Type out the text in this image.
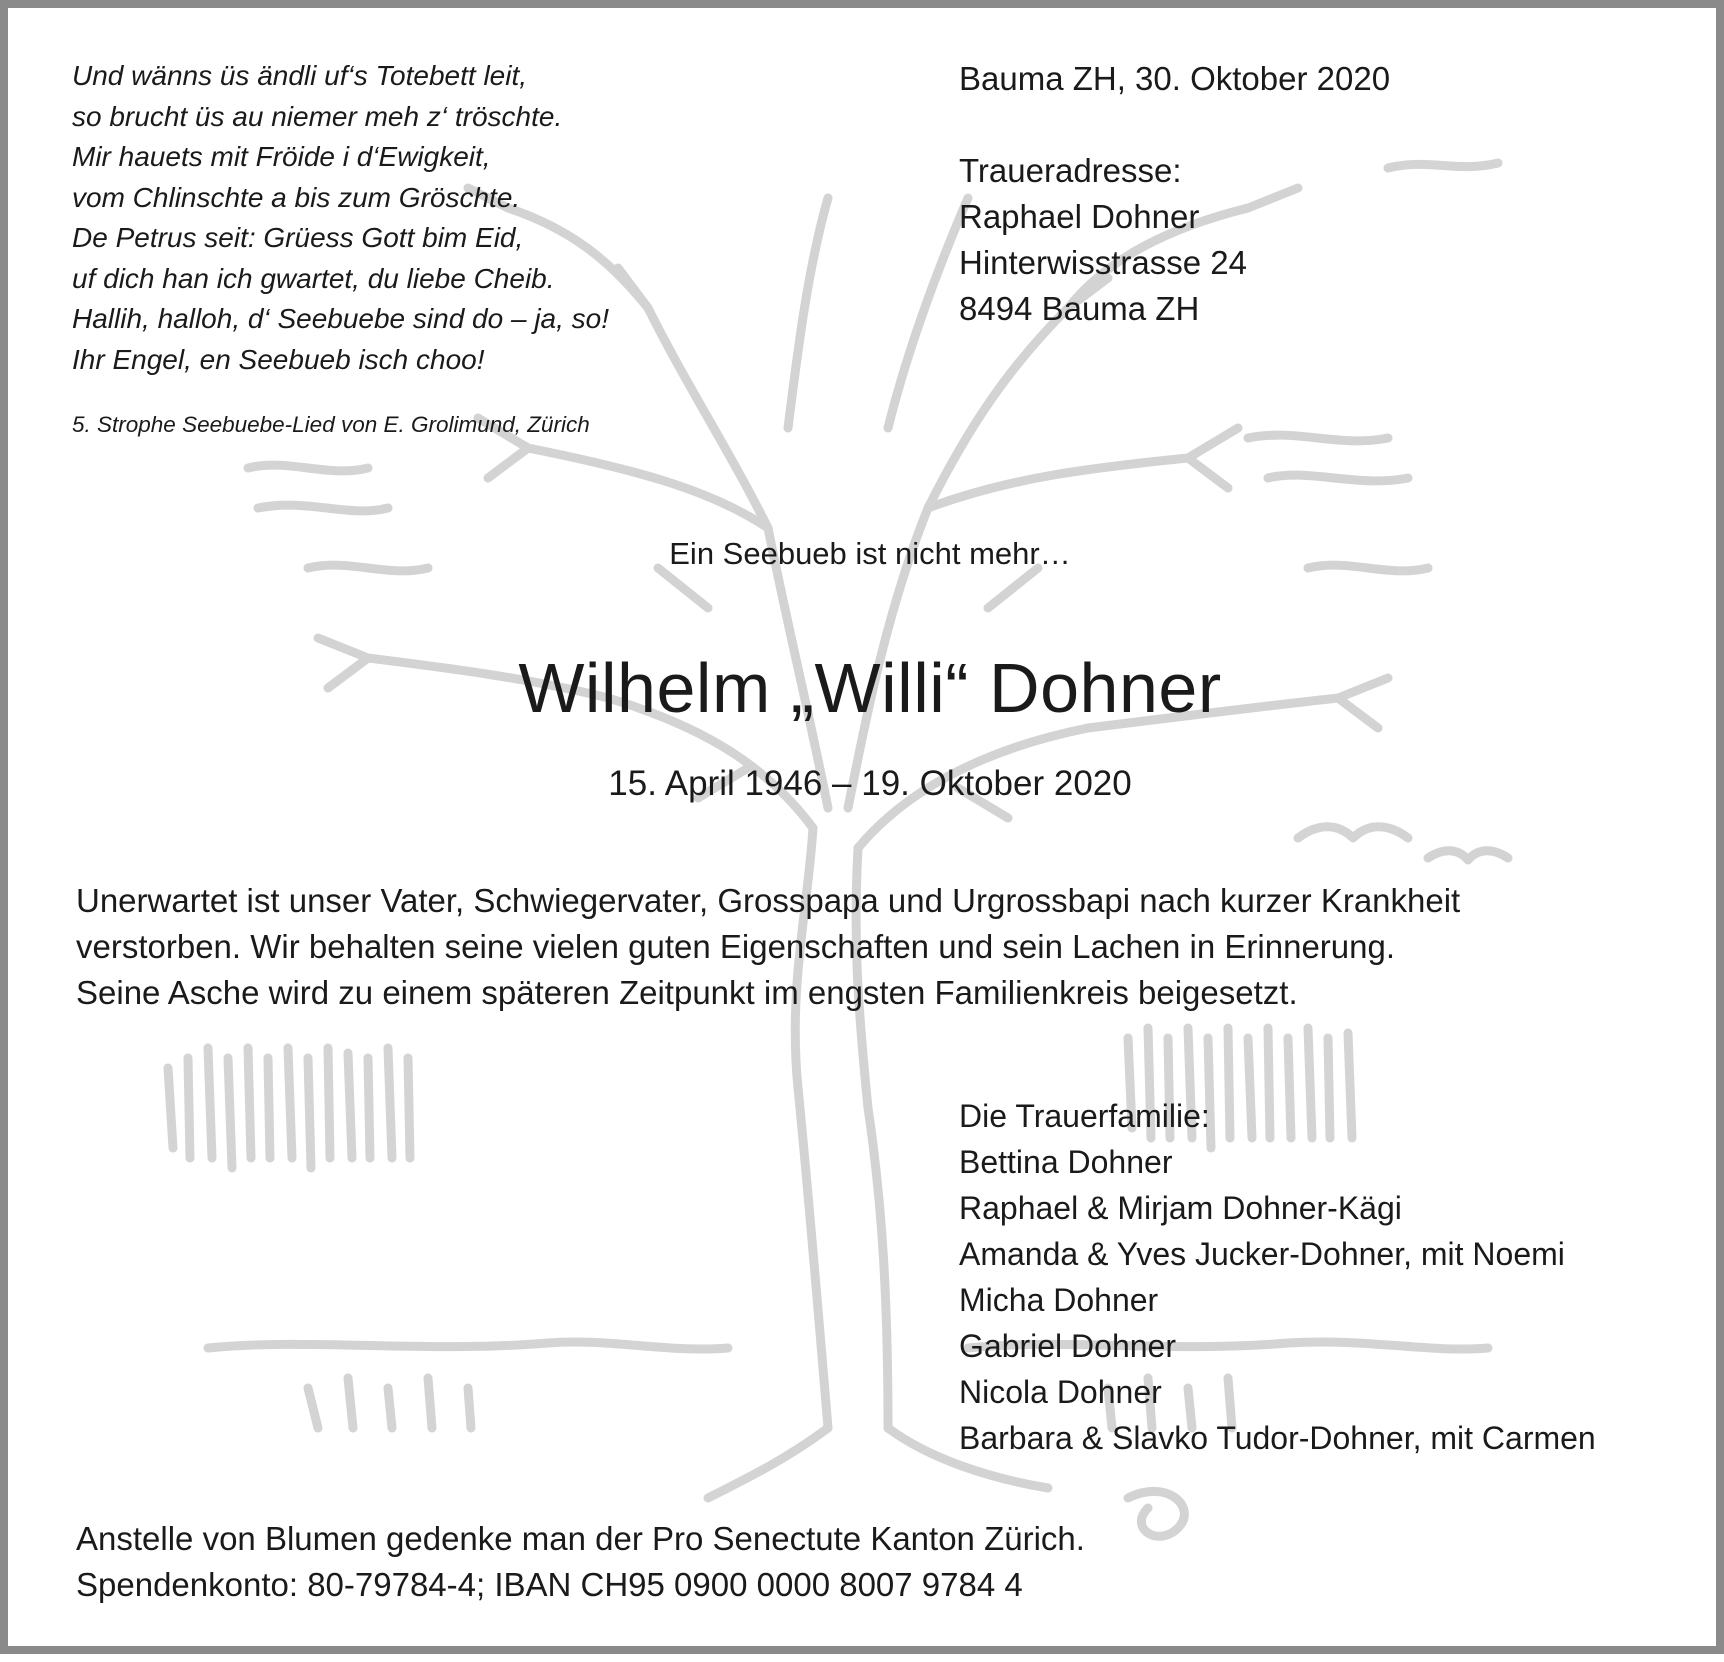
Und wänns üs ändli uf‘s Totebett leit,
so brucht üs au niemer meh z‘ tröschte.
Mir hauets mit Fröide i d‘Ewigkeit,
vom Chlinschte a bis zum Gröschte.
De Petrus seit: Grüess Gott bim Eid,
uf dich han ich gwartet, du liebe Cheib.
Hallih, halloh, d‘ Seebuebe sind do – ja, so!
Ihr Engel, en Seebueb isch choo!
5. Strophe Seebuebe-Lied von E. Grolimund, Zürich
Bauma ZH, 30. Oktober 2020
Traueradresse:
Raphael Dohner
Hinterwisstrasse 24
8494 Bauma ZH
Ein Seebueb ist nicht mehr…
Wilhelm „Willi“ Dohner
15. April 1946 – 19. Oktober 2020
Unerwartet ist unser Vater, Schwiegervater, Grosspapa und Urgrossbapi nach kurzer Krankheit
verstorben. Wir behalten seine vielen guten Eigenschaften und sein Lachen in Erinnerung.
Seine Asche wird zu einem späteren Zeitpunkt im engsten Familienkreis beigesetzt.
Die Trauerfamilie:
Bettina Dohner
Raphael & Mirjam Dohner-Kägi
Amanda & Yves Jucker-Dohner, mit Noemi
Micha Dohner
Gabriel Dohner
Nicola Dohner
Barbara & Slavko Tudor-Dohner, mit Carmen
Anstelle von Blumen gedenke man der Pro Senectute Kanton Zürich.
Spendenkonto: 80-79784-4; IBAN CH95 0900 0000 8007 9784 4
